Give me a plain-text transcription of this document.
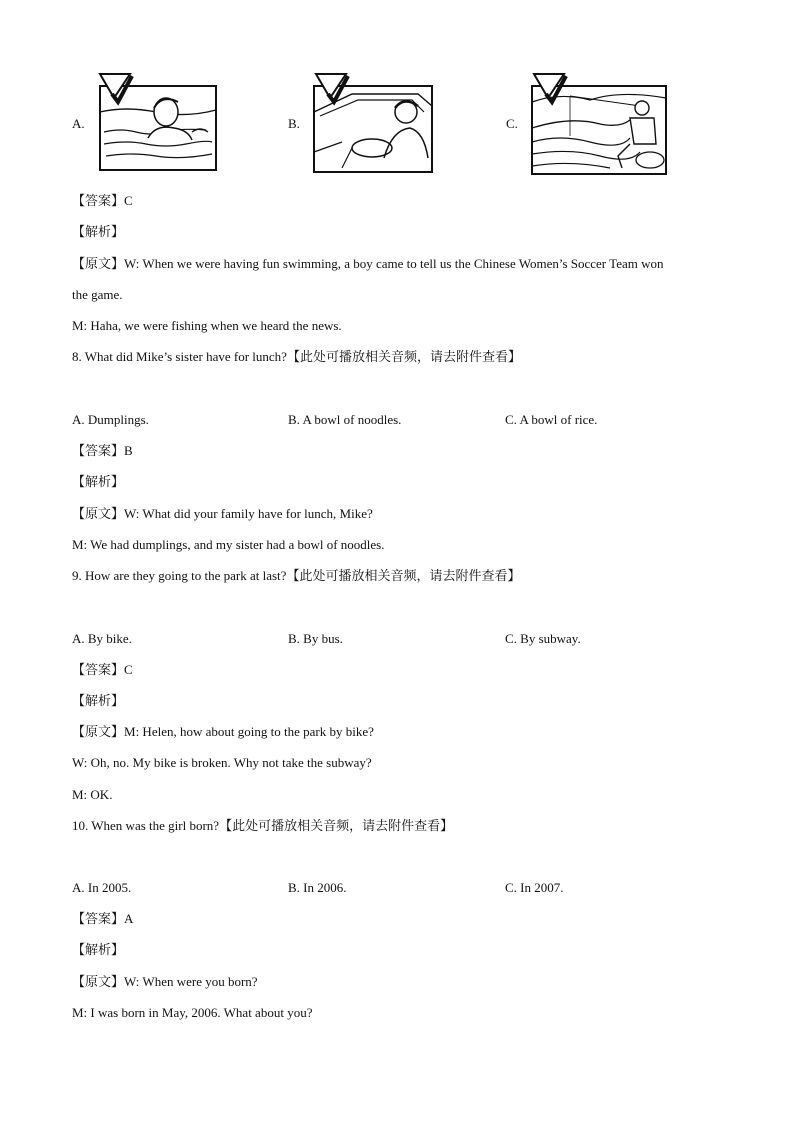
A.	B.	C.
【答案】C
【解析】
【原文】W: When we were having fun swimming, a boy came to tell us the Chinese Women’s Soccer Team won
the game.
M: Haha, we were fishing when we heard the news.
8. What did Mike’s sister have for lunch?【此处可播放相关音频，请去附件查看】
A. Dumplings.	B. A bowl of noodles.	C. A bowl of rice.
【答案】B
【解析】
【原文】W: What did your family have for lunch, Mike?
M: We had dumplings, and my sister had a bowl of noodles.
9. How are they going to the park at last?【此处可播放相关音频，请去附件查看】
A. By bike.	B. By bus.	C. By subway.
【答案】C
【解析】
【原文】M: Helen, how about going to the park by bike?
W: Oh, no. My bike is broken. Why not take the subway?
M: OK.
10. When was the girl born?【此处可播放相关音频，请去附件查看】
A. In 2005.	B. In 2006.	C. In 2007.
【答案】A
【解析】
【原文】W: When were you born?
M: I was born in May, 2006. What about you?
